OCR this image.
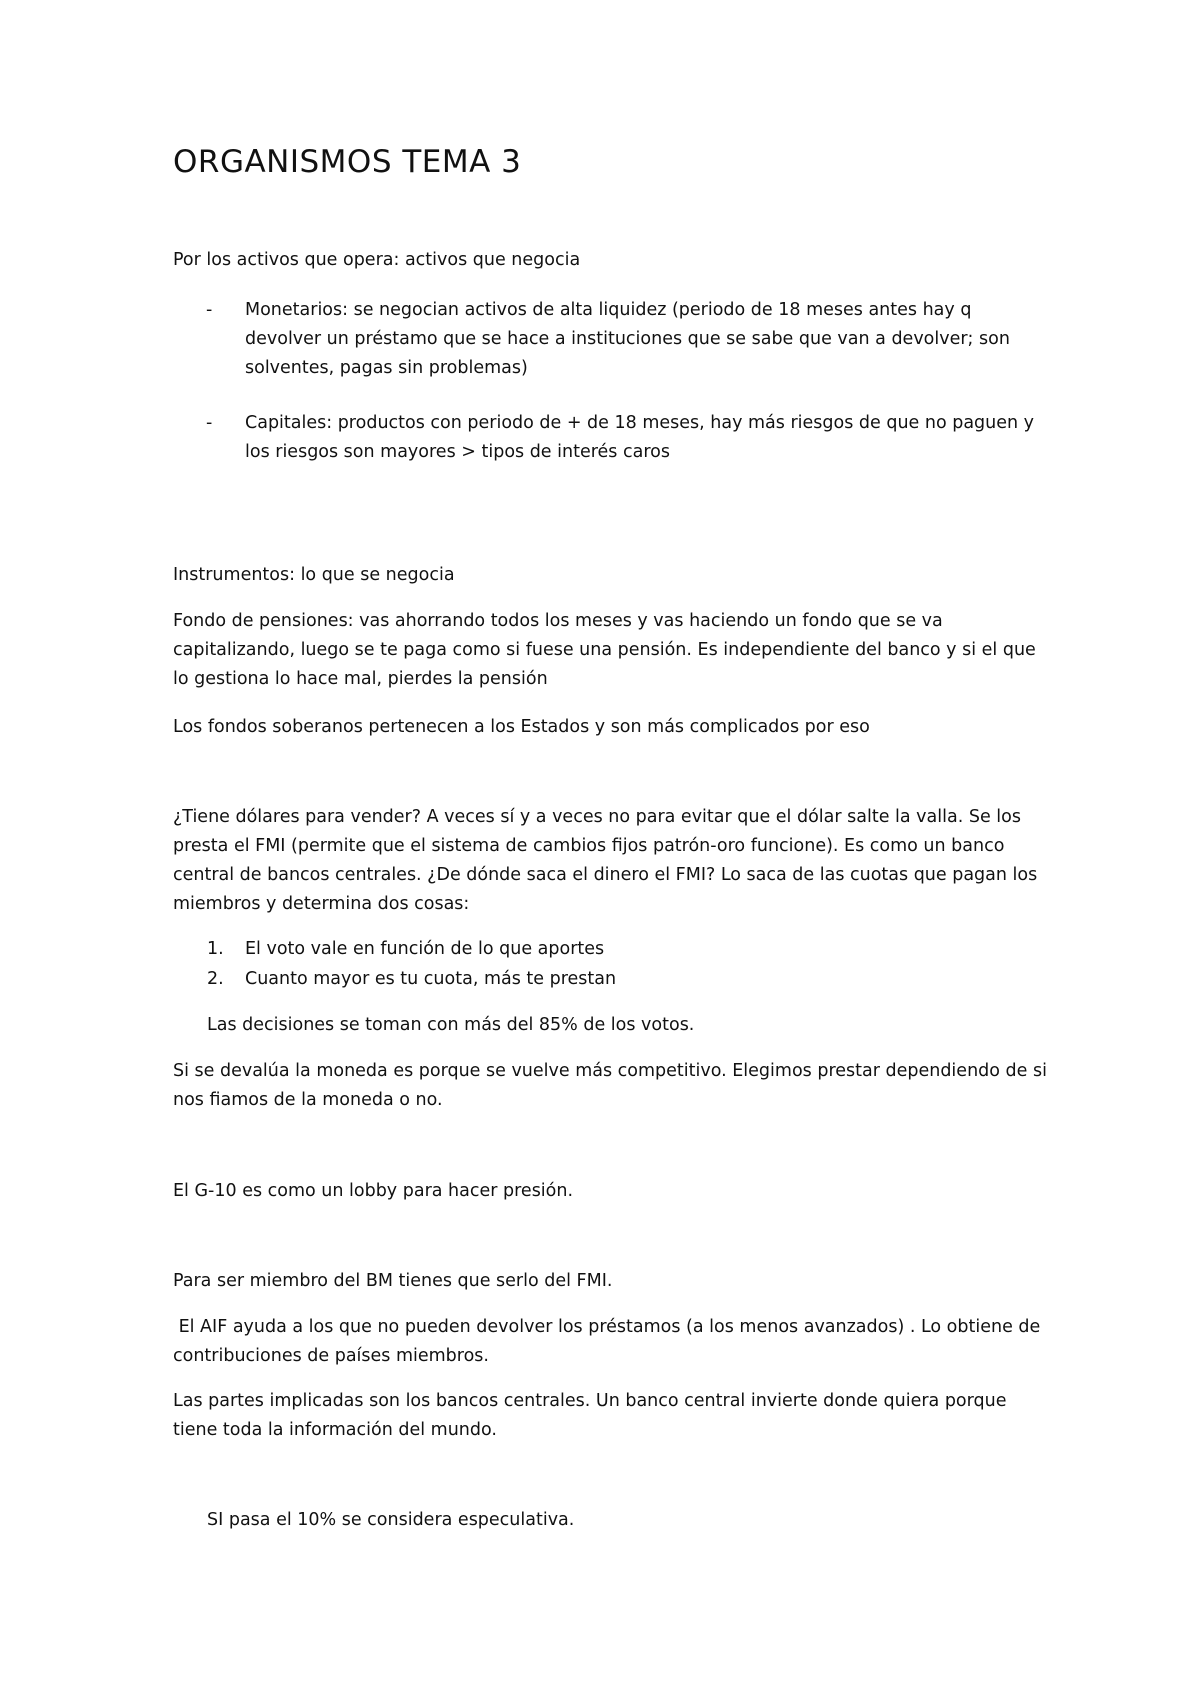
ORGANISMOS TEMA 3

Por los activos que opera: activos que negocia

- Monetarios: se negocian activos de alta liquidez (periodo de 18 meses antes hay q devolver un préstamo que se hace a instituciones que se sabe que van a devolver; son solventes, pagas sin problemas)
- Capitales: productos con periodo de + de 18 meses, hay más riesgos de que no paguen y los riesgos son mayores > tipos de interés caros

Instrumentos: lo que se negocia

Fondo de pensiones: vas ahorrando todos los meses y vas haciendo un fondo que se va capitalizando, luego se te paga como si fuese una pensión. Es independiente del banco y si el que lo gestiona lo hace mal, pierdes la pensión

Los fondos soberanos pertenecen a los Estados y son más complicados por eso

¿Tiene dólares para vender? A veces sí y a veces no para evitar que el dólar salte la valla. Se los presta el FMI (permite que el sistema de cambios fijos patrón-oro funcione). Es como un banco central de bancos centrales. ¿De dónde saca el dinero el FMI? Lo saca de las cuotas que pagan los miembros y determina dos cosas:

1. El voto vale en función de lo que aportes
2. Cuanto mayor es tu cuota, más te prestan

Las decisiones se toman con más del 85% de los votos.

Si se devalúa la moneda es porque se vuelve más competitivo. Elegimos prestar dependiendo de si nos fiamos de la moneda o no.

El G-10 es como un lobby para hacer presión.

Para ser miembro del BM tienes que serlo del FMI.

El AIF ayuda a los que no pueden devolver los préstamos (a los menos avanzados) . Lo obtiene de contribuciones de países miembros.

Las partes implicadas son los bancos centrales. Un banco central invierte donde quiera porque tiene toda la información del mundo.

SI pasa el 10% se considera especulativa.
